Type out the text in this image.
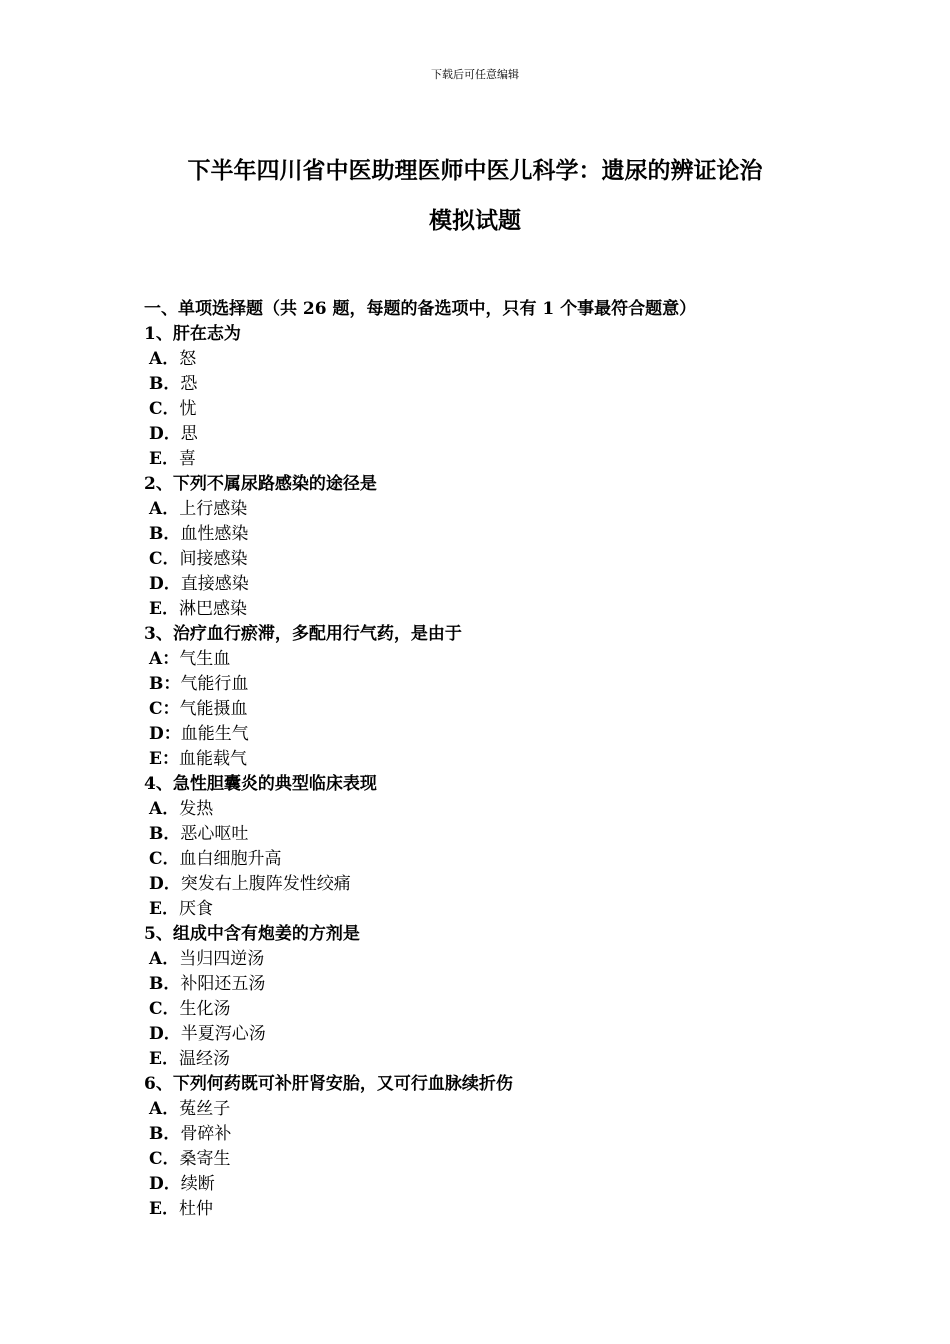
下载后可任意编辑
下半年四川省中医助理医师中医儿科学：遗尿的辨证论治
模拟试题
一、单项选择题（共 26 题，每题的备选项中，只有 1 个事最符合题意）
1、肝在志为
A．怒
B．恐
C．忧
D．思
E．喜
2、下列不属尿路感染的途径是
A．上行感染
B．血性感染
C．间接感染
D．直接感染
E．淋巴感染
3、治疗血行瘀滞，多配用行气药，是由于
A：气生血
B：气能行血
C：气能摄血
D：血能生气
E：血能载气
4、急性胆囊炎的典型临床表现
A．发热
B．恶心呕吐
C．血白细胞升高
D．突发右上腹阵发性绞痛
E．厌食
5、组成中含有炮姜的方剂是
A．当归四逆汤
B．补阳还五汤
C．生化汤
D．半夏泻心汤
E．温经汤
6、下列何药既可补肝肾安胎，又可行血脉续折伤
A．菟丝子
B．骨碎补
C．桑寄生
D．续断
E．杜仲
